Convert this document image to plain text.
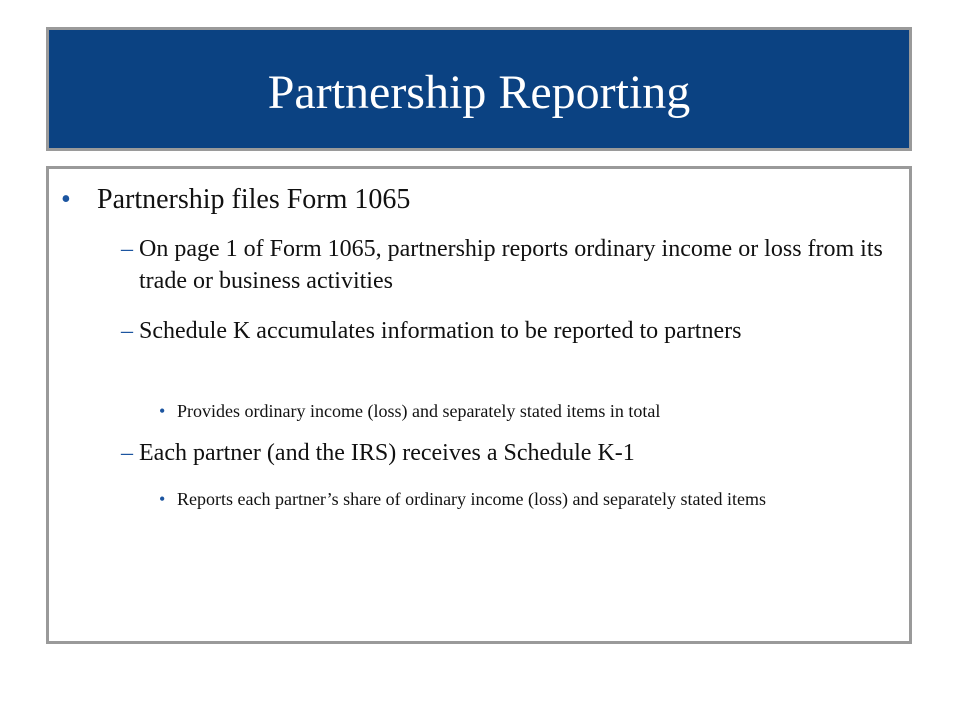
Partnership Reporting
• Partnership files Form 1065
– On page 1 of Form 1065, partnership reports ordinary income or loss from its trade or business activities
– Schedule K accumulates information to be reported to partners
• Provides ordinary income (loss) and separately stated items in total
– Each partner (and the IRS) receives a Schedule K-1
• Reports each partner’s share of ordinary income (loss) and separately stated items
